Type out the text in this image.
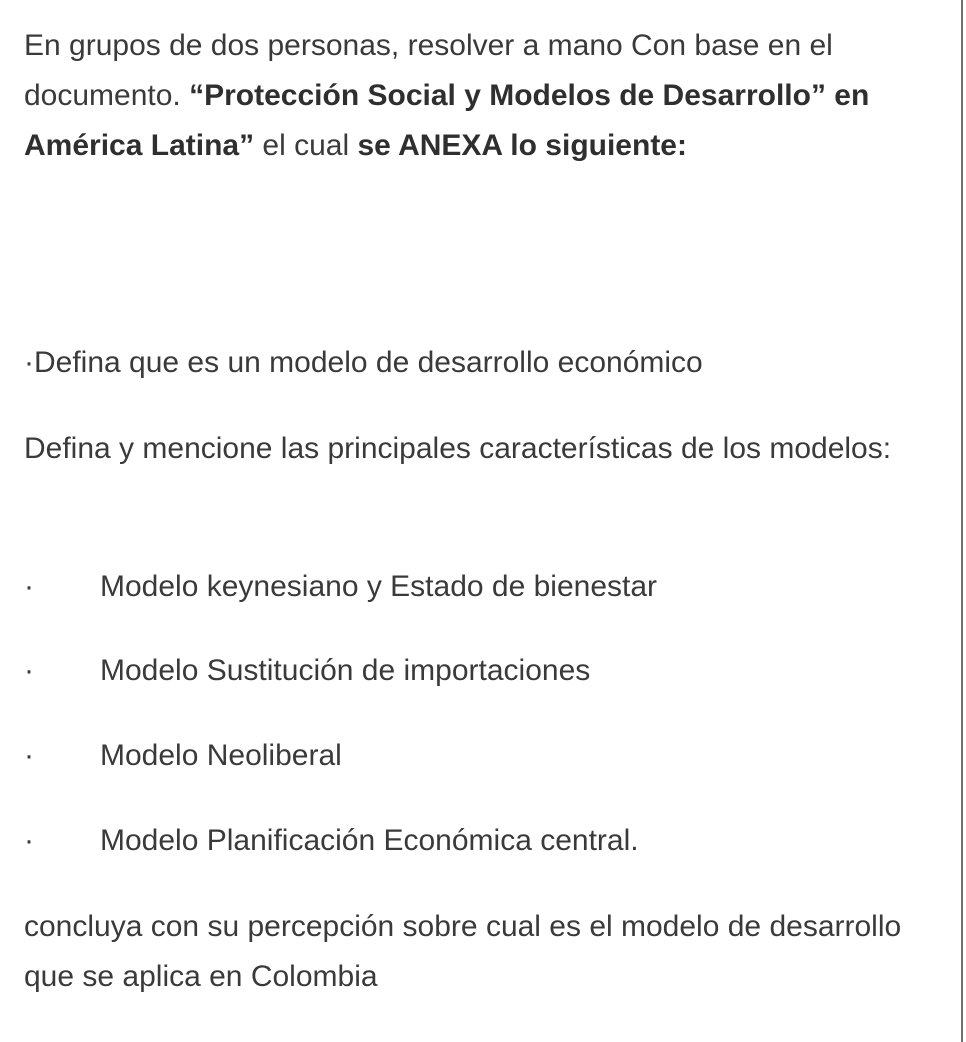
En grupos de dos personas, resolver a mano Con base en el documento. “Protección Social y Modelos de Desarrollo” en América Latina” el cual se ANEXA lo siguiente:

·Defina que es un modelo de desarrollo económico

Defina y mencione las principales características de los modelos:

·	Modelo keynesiano y Estado de bienestar
·	Modelo Sustitución de importaciones
·	Modelo Neoliberal
·	Modelo Planificación Económica central.

concluya con su percepción sobre cual es el modelo de desarrollo que se aplica en Colombia
